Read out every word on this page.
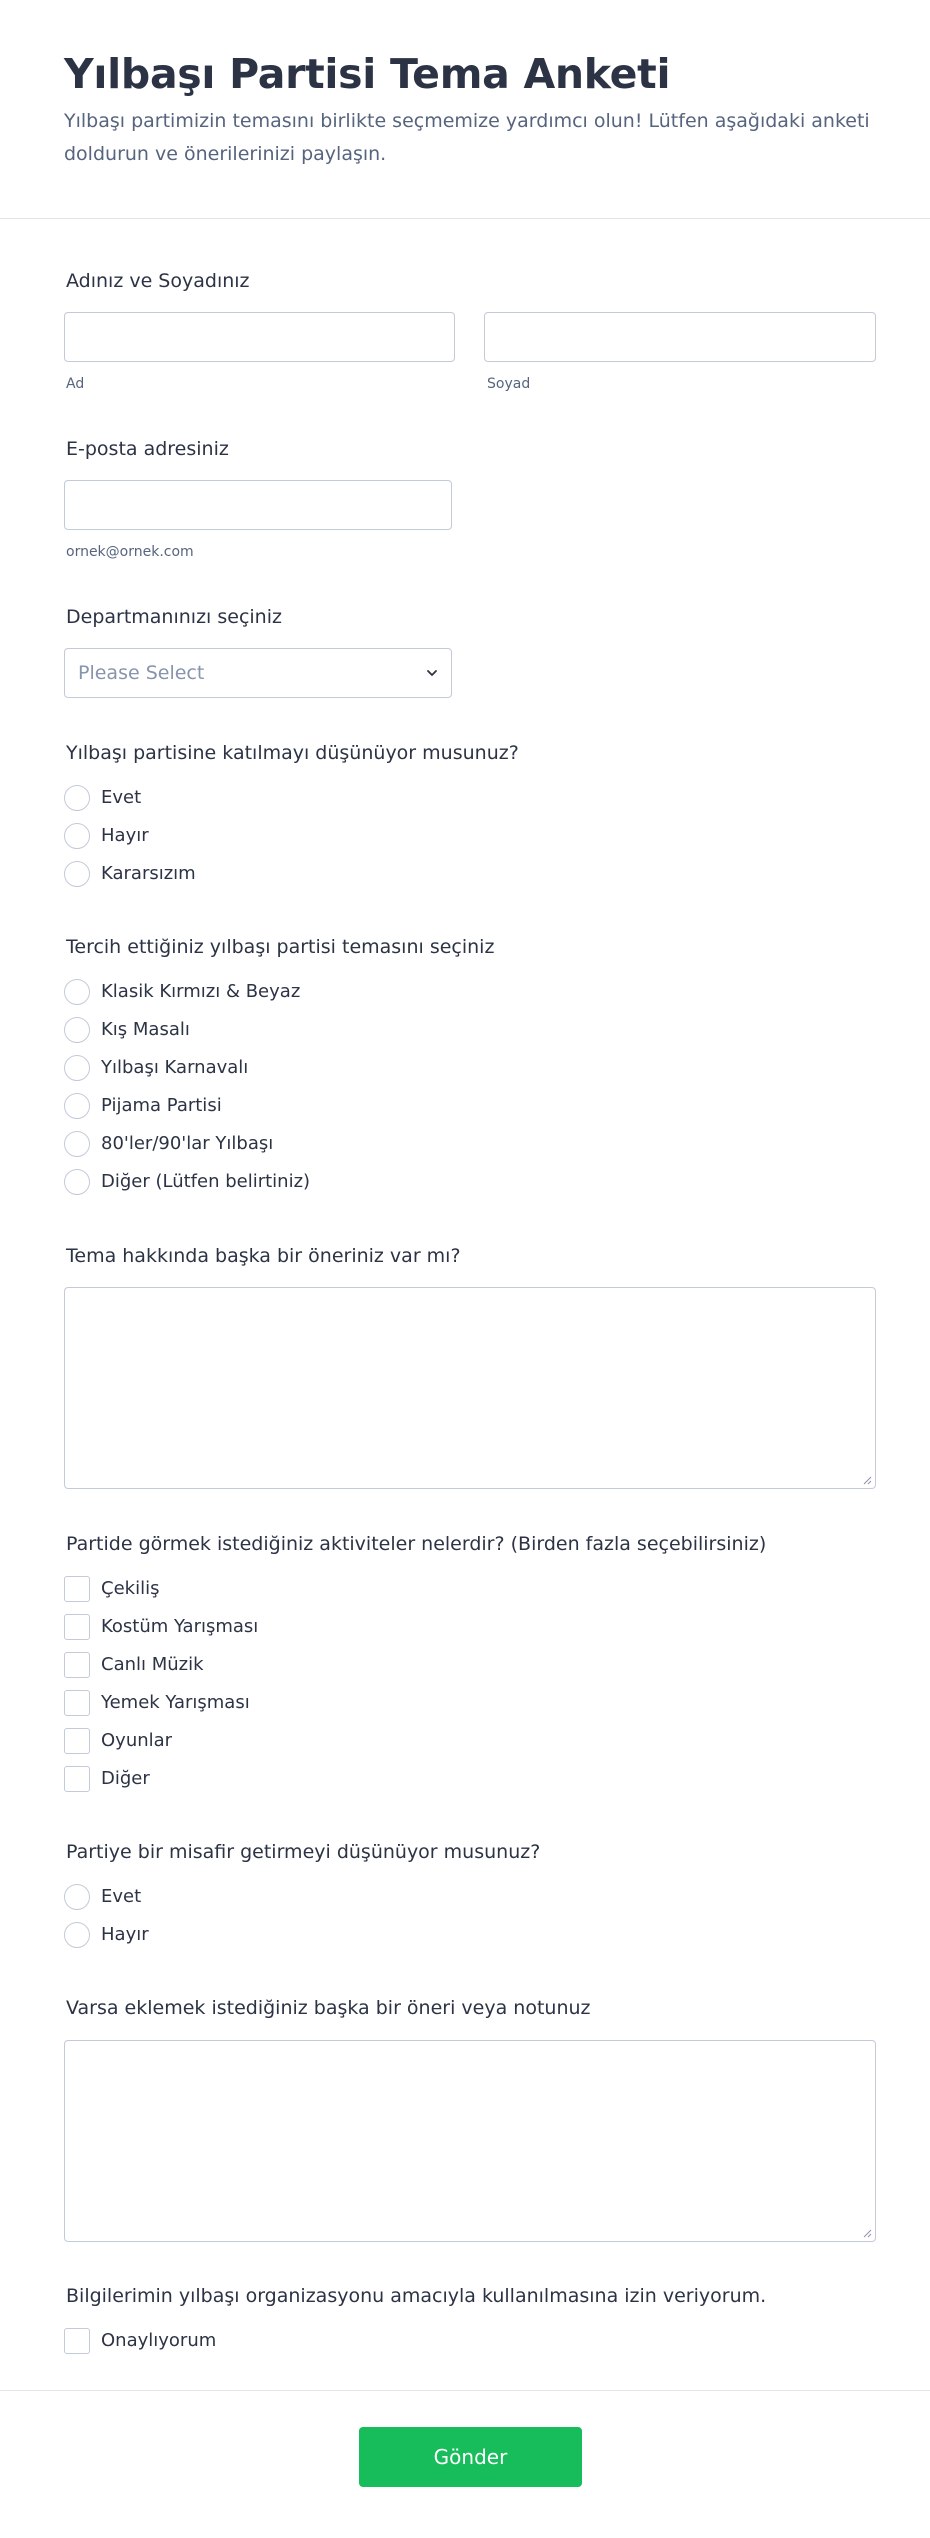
Yılbaşı Partisi Tema Anketi
Yılbaşı partimizin temasını birlikte seçmemize yardımcı olun! Lütfen aşağıdaki anketi doldurun ve önerilerinizi paylaşın.
Adınız ve Soyadınız
Ad	Soyad
E-posta adresiniz
ornek@ornek.com
Departmanınızı seçiniz
Please Select
Yılbaşı partisine katılmayı düşünüyor musunuz?
Evet
Hayır
Kararsızım
Tercih ettiğiniz yılbaşı partisi temasını seçiniz
Klasik Kırmızı & Beyaz
Kış Masalı
Yılbaşı Karnavalı
Pijama Partisi
80'ler/90'lar Yılbaşı
Diğer (Lütfen belirtiniz)
Tema hakkında başka bir öneriniz var mı?
Partide görmek istediğiniz aktiviteler nelerdir? (Birden fazla seçebilirsiniz)
Çekiliş
Kostüm Yarışması
Canlı Müzik
Yemek Yarışması
Oyunlar
Diğer
Partiye bir misafir getirmeyi düşünüyor musunuz?
Evet
Hayır
Varsa eklemek istediğiniz başka bir öneri veya notunuz
Bilgilerimin yılbaşı organizasyonu amacıyla kullanılmasına izin veriyorum.
Onaylıyorum
Gönder
